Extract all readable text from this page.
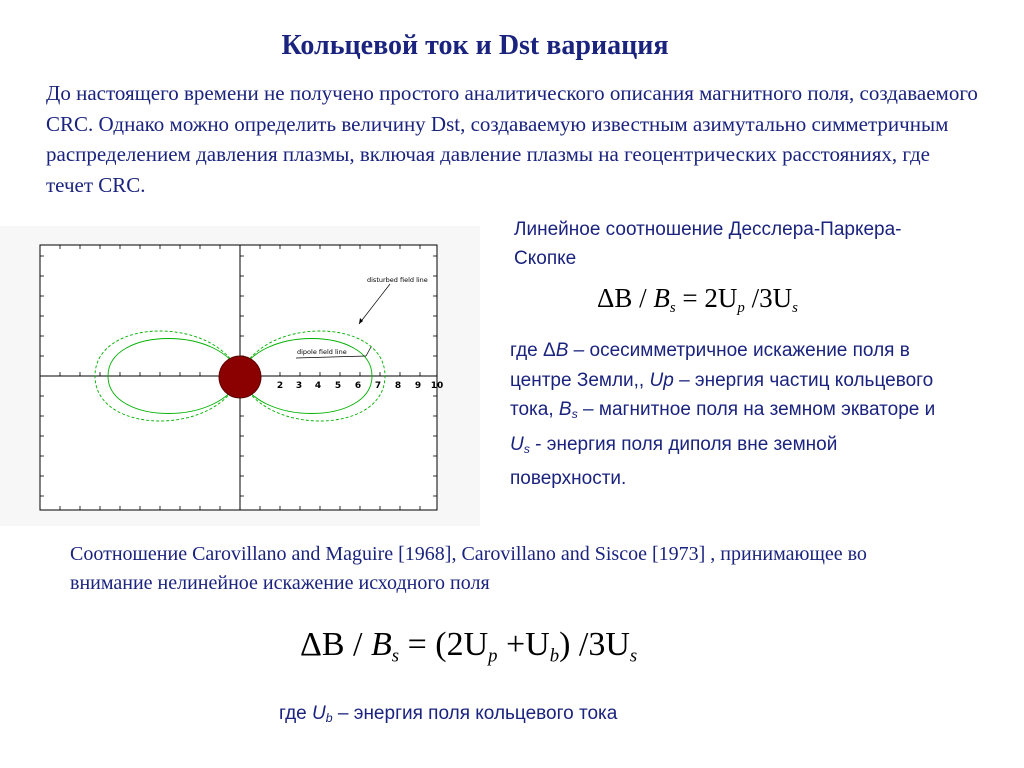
Кольцевой ток и Dst вариация
До настоящего времени не получено простого аналитического описания магнитного поля, создаваемого CRC. Однако можно определить величину Dst, создаваемую известным азимутально симметричным распределением давления плазмы, включая давление плазмы на геоцентрических расстояниях, где течет CRC.
2 3 4 5 6 7 8 9 10
disturbed field line
dipole field line
Линейное соотношение Десслера-Паркера-Скопке
$\Delta B / B_s = 2U_p$ $/3U_s$
где ΔB – осесимметричное искажение поля в центре Земли,, Up – энергия частиц кольцевого тока, Bs – магнитное поля на земном экваторе и Us - энергия поля диполя вне земной поверхности.
Соотношение Carovillano and Maguire [1968], Carovillano and Siscoe [1973] , принимающее во внимание нелинейное искажение исходного поля
$\Delta B / B_s = (2U_p +U_b)$ $/3U_s$
где Ub – энергия поля кольцевого тока
